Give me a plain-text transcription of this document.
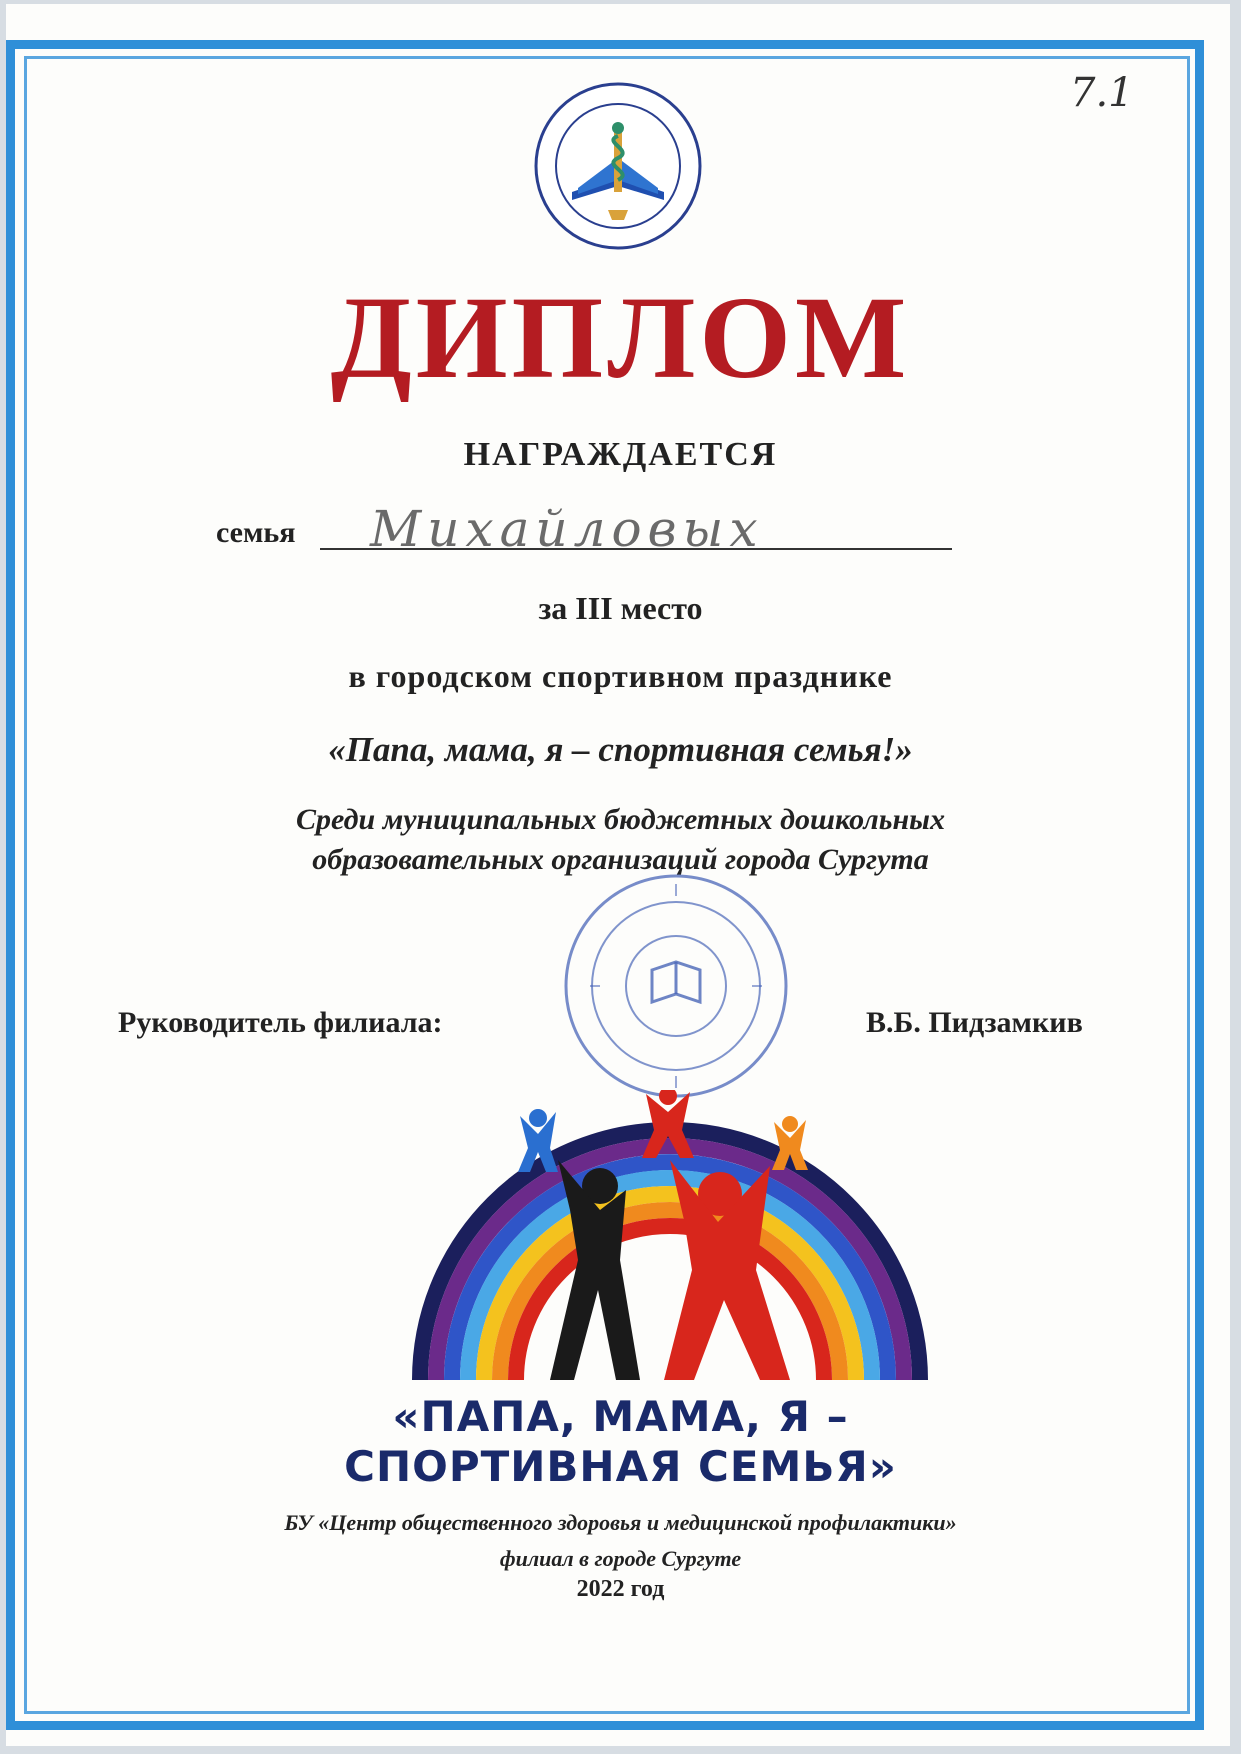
7.1
ДИПЛОМ
НАГРАЖДАЕТСЯ
семья Михайловых
за III место
в городском спортивном празднике
«Папа, мама, я – спортивная семья!»
Среди муниципальных бюджетных дошкольных
образовательных организаций города Сургута
Руководитель филиала:	В.Б. Пидзамкив
«ПАПА, МАМА, Я –
СПОРТИВНАЯ СЕМЬЯ»
БУ «Центр общественного здоровья и медицинской профилактики»
филиал в городе Сургуте
2022 год
